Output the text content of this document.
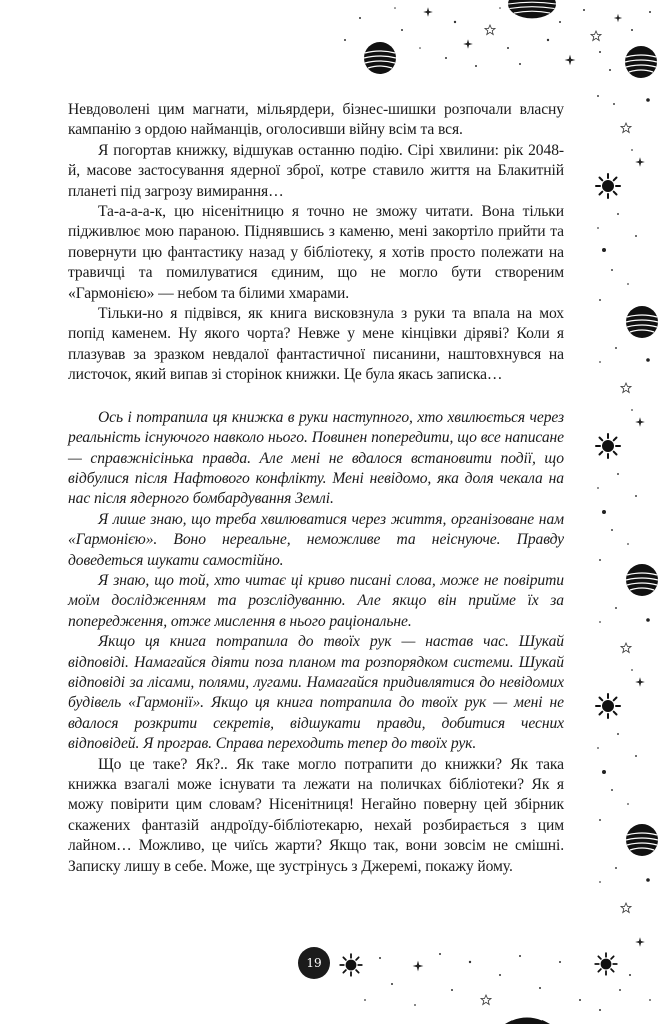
Невдоволені цим магнати, мільярдери, бізнес-шишки розпочали власну кампанію з ордою найманців, оголосивши війну всім та вся.

Я погортав книжку, відшукав останню подію. Сірі хвилини: рік 2048-й, масове застосування ядерної зброї, котре ставило життя на Блакитній планеті під загрозу вимирання…

Та-а-а-а-к, цю нісенітницю я точно не зможу читати. Вона тільки підживлює мою параною. Піднявшись з каменю, мені закортіло прийти та повернути цю фантастику назад у бібліотеку, я хотів просто полежати на травичці та помилуватися єдиним, що не могло бути створеним «Гармонією» — небом та білими хмарами.

Тільки-но я підвівся, як книга висковзнула з руки та впала на мох попід каменем. Ну якого чорта? Невже у мене кінцівки діряві? Коли я плазував за зразком невдалої фантастичної писанини, наштовхнувся на листочок, який випав зі сторінок книжки. Це була якась записка…

Ось і потрапила ця книжка в руки наступного, хто хвилюється через реальність існуючого навколо нього. Повинен попередити, що все написане — справжнісінька правда. Але мені не вдалося встановити події, що відбулися після Нафтового конфлікту. Мені невідомо, яка доля чекала на нас після ядерного бомбардування Землі.

Я лише знаю, що треба хвилюватися через життя, організоване нам «Гармонією». Воно нереальне, неможливе та неіснуюче. Правду доведеться шукати самостійно.

Я знаю, що той, хто читає ці криво писані слова, може не повірити моїм дослідженням та розслідуванню. Але якщо він прийме їх за попередження, отже мислення в нього раціональне.

Якщо ця книга потрапила до твоїх рук — настав час. Шукай відповіді. Намагайся діяти поза планом та розпорядком системи. Шукай відповіді за лісами, полями, лугами. Намагайся придивлятися до невідомих будівель «Гармонії». Якщо ця книга потрапила до твоїх рук — мені не вдалося розкрити секретів, відшукати правди, добитися чесних відповідей. Я програв. Справа переходить тепер до твоїх рук.

Що це таке? Як?.. Як таке могло потрапити до книжки? Як така книжка взагалі може існувати та лежати на поличках бібліотеки? Як я можу повірити цим словам? Нісенітниця! Негайно поверну цей збірник скажених фантазій андроїду-бібліотекарю, нехай розбирається з цим лайном… Можливо, це чиїсь жарти? Якщо так, вони зовсім не смішні. Записку лишу в себе. Може, ще зустрінусь з Джеремі, покажу йому.

19
